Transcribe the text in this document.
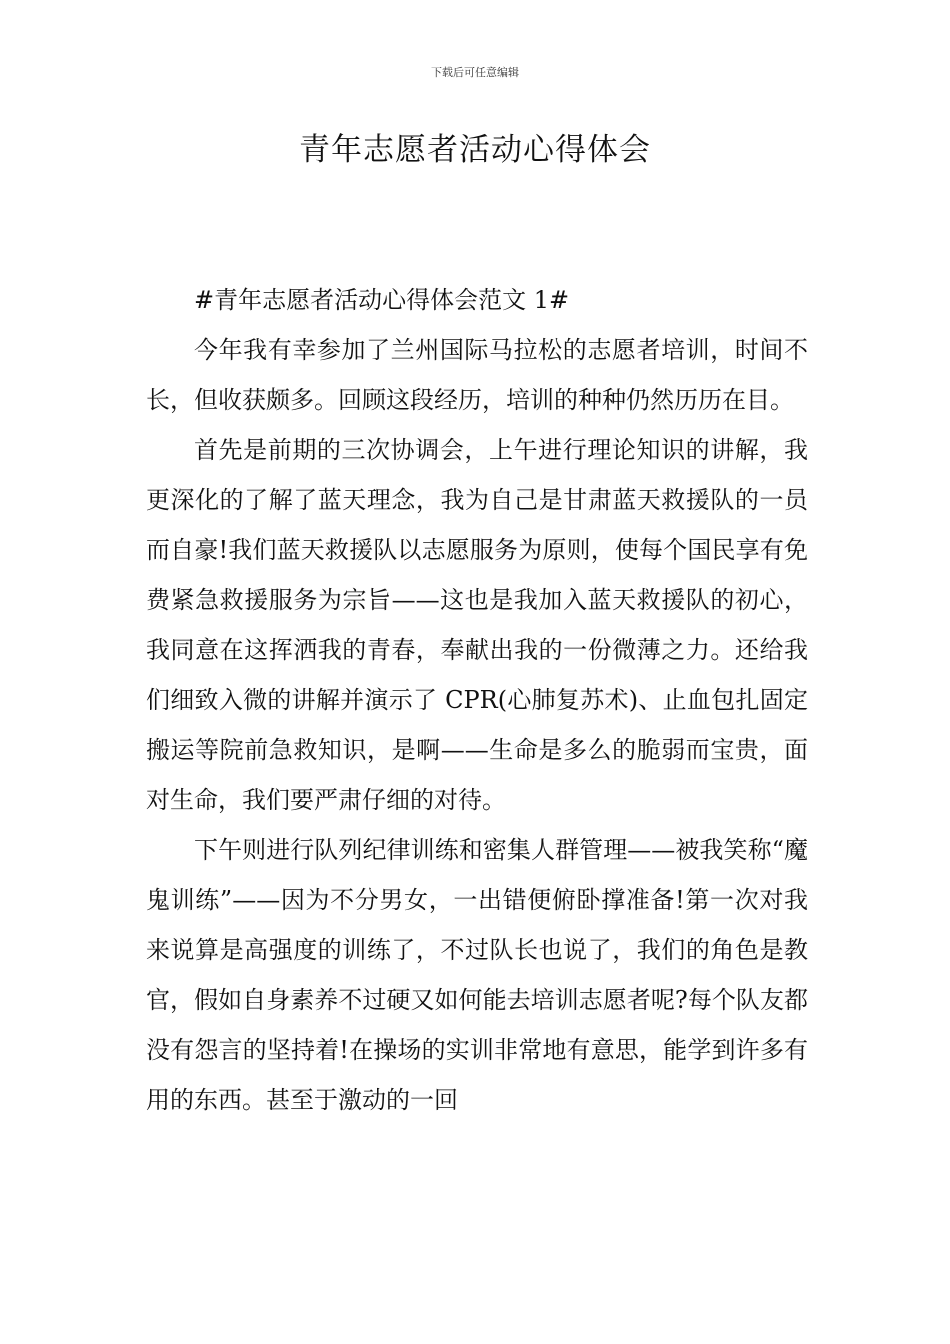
下载后可任意编辑
青年志愿者活动心得体会

#青年志愿者活动心得体会范文 1#

今年我有幸参加了兰州国际马拉松的志愿者培训，时间不长，但收获颇多。回顾这段经历，培训的种种仍然历历在目。

首先是前期的三次协调会，上午进行理论知识的讲解，我更深化的了解了蓝天理念，我为自己是甘肃蓝天救援队的一员而自豪!我们蓝天救援队以志愿服务为原则，使每个国民享有免费紧急救援服务为宗旨——这也是我加入蓝天救援队的初心，我同意在这挥洒我的青春，奉献出我的一份微薄之力。还给我们细致入微的讲解并演示了 CPR(心肺复苏术)、止血包扎固定搬运等院前急救知识，是啊——生命是多么的脆弱而宝贵，面对生命，我们要严肃仔细的对待。

下午则进行队列纪律训练和密集人群管理——被我笑称“魔鬼训练”——因为不分男女，一出错便俯卧撑准备!第一次对我来说算是高强度的训练了，不过队长也说了，我们的角色是教官，假如自身素养不过硬又如何能去培训志愿者呢?每个队友都没有怨言的坚持着!在操场的实训非常地有意思，能学到许多有用的东西。甚至于激动的一回
